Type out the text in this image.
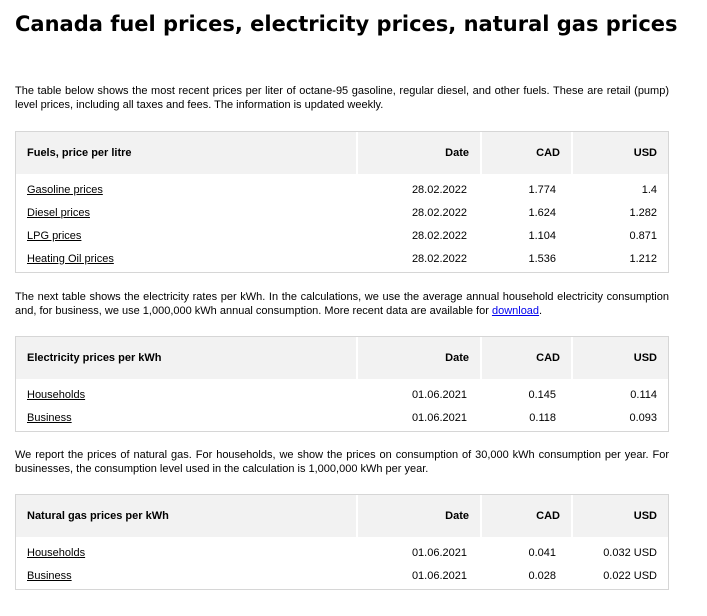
Canada fuel prices, electricity prices, natural gas prices

The table below shows the most recent prices per liter of octane-95 gasoline, regular diesel, and other fuels. These are retail (pump) level prices, including all taxes and fees. The information is updated weekly.

Fuels, price per litre	Date	CAD	USD
Gasoline prices	28.02.2022	1.774	1.4
Diesel prices	28.02.2022	1.624	1.282
LPG prices	28.02.2022	1.104	0.871
Heating Oil prices	28.02.2022	1.536	1.212

The next table shows the electricity rates per kWh. In the calculations, we use the average annual household electricity consumption and, for business, we use 1,000,000 kWh annual consumption. More recent data are available for download.

Electricity prices per kWh	Date	CAD	USD
Households	01.06.2021	0.145	0.114
Business	01.06.2021	0.118	0.093

We report the prices of natural gas. For households, we show the prices on consumption of 30,000 kWh consumption per year. For businesses, the consumption level used in the calculation is 1,000,000 kWh per year.

Natural gas prices per kWh	Date	CAD	USD
Households	01.06.2021	0.041	0.032 USD
Business	01.06.2021	0.028	0.022 USD
